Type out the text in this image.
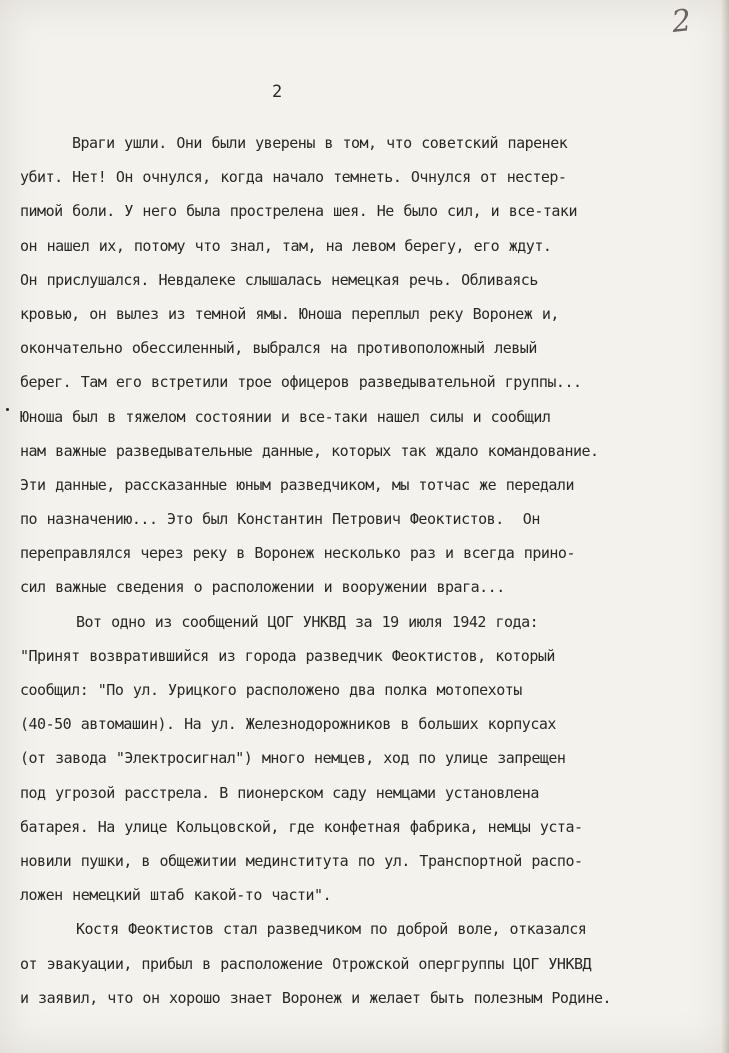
2
2
Враги ушли. Они были уверены в том, что советский паренек
убит. Нет! Он очнулся, когда начало темнеть. Очнулся от нестер-
пимой боли. У него была прострелена шея. Не было сил, и все-таки
он нашел их, потому что знал, там, на левом берегу, его ждут.
Он прислушался. Невдалеке слышалась немецкая речь. Обливаясь
кровью, он вылез из темной ямы. Юноша переплыл реку Воронеж и,
окончательно обессиленный, выбрался на противоположный левый
берег. Там его встретили трое офицеров разведывательной группы...
Юноша был в тяжелом состоянии и все-таки нашел силы и сообщил
нам важные разведывательные данные, которых так ждало командование.
Эти данные, рассказанные юным разведчиком, мы тотчас же передали
по назначению... Это был Константин Петрович Феоктистов.  Он
переправлялся через реку в Воронеж несколько раз и всегда прино-
сил важные сведения о расположении и вооружении врага...
Вот одно из сообщений ЦОГ УНКВД за 19 июля 1942 года:
"Принят возвратившийся из города разведчик Феоктистов, который
сообщил: "По ул. Урицкого расположено два полка мотопехоты
(40-50 автомашин). На ул. Железнодорожников в больших корпусах
(от завода "Электросигнал") много немцев, ход по улице запрещен
под угрозой расстрела. В пионерском саду немцами установлена
батарея. На улице Кольцовской, где конфетная фабрика, немцы уста-
новили пушки, в общежитии мединститута по ул. Транспортной распо-
ложен немецкий штаб какой-то части".
Костя Феоктистов стал разведчиком по доброй воле, отказался
от эвакуации, прибыл в расположение Отрожской опергруппы ЦОГ УНКВД
и заявил, что он хорошо знает Воронеж и желает быть полезным Родине.
